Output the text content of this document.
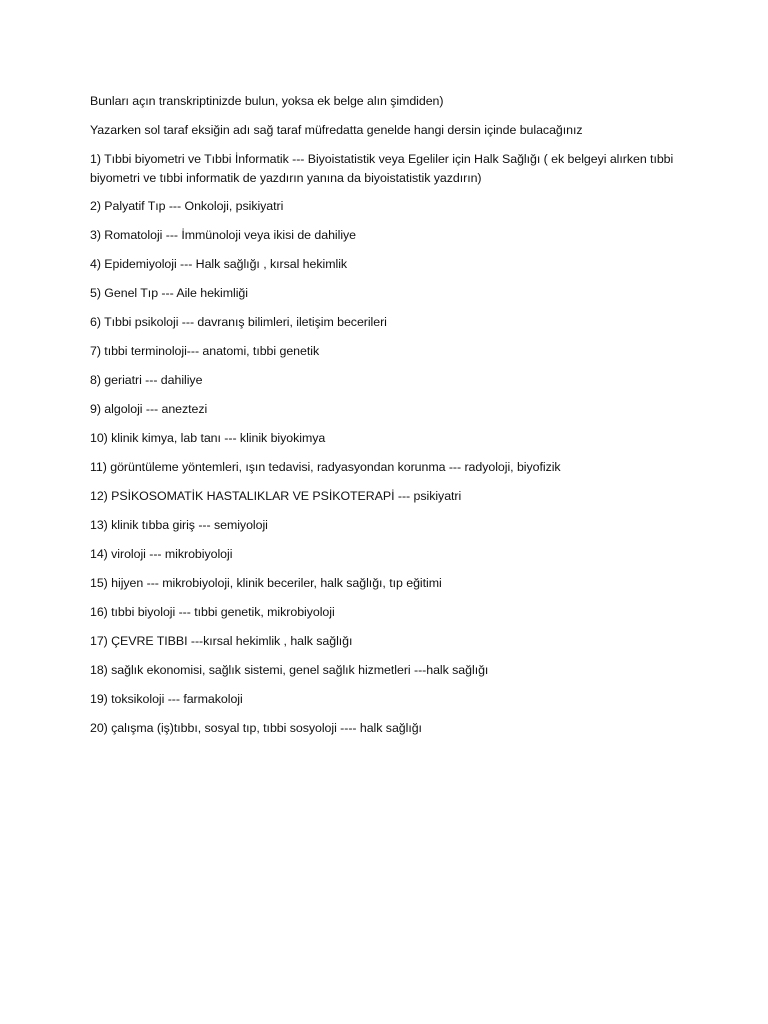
Bunları açın transkriptinizde bulun, yoksa ek belge alın şimdiden)

Yazarken sol taraf eksiğin adı sağ taraf müfredatta genelde hangi dersin içinde bulacağınız

1) Tıbbi biyometri ve Tıbbi İnformatik --- Biyoistatistik veya Egeliler için Halk Sağlığı ( ek belgeyi alırken tıbbi biyometri ve tıbbi informatik de yazdırın yanına da biyoistatistik yazdırın)

2) Palyatif Tıp --- Onkoloji, psikiyatri

3) Romatoloji --- İmmünoloji veya ikisi de dahiliye

4) Epidemiyoloji --- Halk sağlığı , kırsal hekimlik

5) Genel Tıp --- Aile hekimliği

6) Tıbbi psikoloji --- davranış bilimleri, iletişim becerileri

7) tıbbi terminoloji--- anatomi, tıbbi genetik

8) geriatri --- dahiliye

9) algoloji --- aneztezi

10) klinik kimya, lab tanı --- klinik biyokimya

11) görüntüleme yöntemleri, ışın tedavisi, radyasyondan korunma --- radyoloji, biyofizik

12) PSİKOSOMATİK HASTALIKLAR VE PSİKOTERAPİ --- psikiyatri

13) klinik tıbba giriş --- semiyoloji

14) viroloji --- mikrobiyoloji

15) hijyen --- mikrobiyoloji, klinik beceriler, halk sağlığı, tıp eğitimi

16) tıbbi biyoloji --- tıbbi genetik, mikrobiyoloji

17) ÇEVRE TIBBI ---kırsal hekimlik , halk sağlığı

18) sağlık ekonomisi, sağlık sistemi, genel sağlık hizmetleri ---halk sağlığı

19) toksikoloji --- farmakoloji

20) çalışma (iş)tıbbı, sosyal tıp, tıbbi sosyoloji ---- halk sağlığı
